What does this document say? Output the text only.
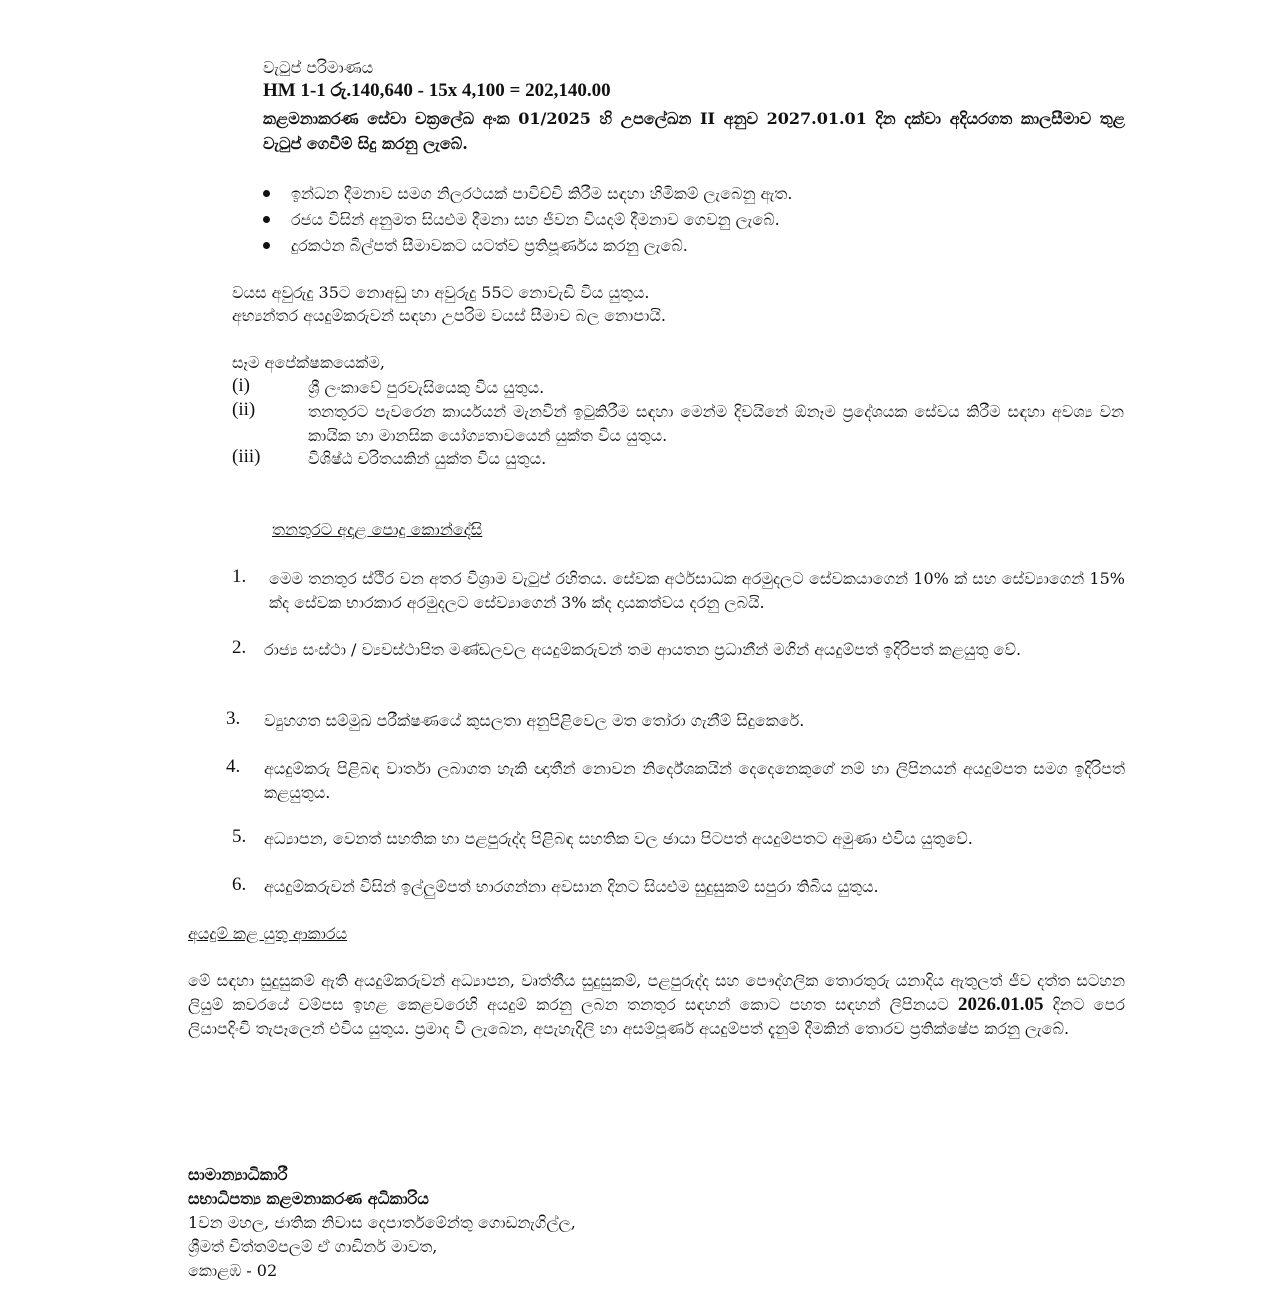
වැටුප් පරිමාණය
HM 1-1 රු.140,640 - 15x 4,100 = 202,140.00
කළමනාකරණ සේවා චක්‍රලේඛ අංක 01/2025 හි උපලේඛන II අනුව 2027.01.01 දින දක්වා අදියරගත කාලසීමාව තුළ වැටුප් ගෙවීම් සිදු කරනු ලැබේ.
ඉන්ධන දීමනාව සමග නිලරථයක් පාවිච්චි කිරීම සඳහා හිමිකම් ලැබෙනු ඇත.
රජය විසින් අනුමත සියළුම දීමනා සහ ජීවන වියදම් දීමනාව ගෙවනු ලැබේ.
දුරකථන බිල්පත් සීමාවකට යටත්ව ප්‍රතිපූර්ණය කරනු ලැබේ.
වයස අවුරුදු 35ට නොඅඩු හා අවුරුදු 55ට නොවැඩි විය යුතුය.
අභ්‍යන්තර අයදුම්කරුවන් සඳහා උපරිම වයස් සීමාව බල නොපායි.
සෑම අපේක්ෂකයෙක්ම,
(i)	ශ්‍රී ලංකාවේ පුරවැසියෙකු විය යුතුය.
(ii)	තනතුරට පැවරෙන කාර්යයන් මැනවින් ඉටුකිරීම සඳහා මෙන්ම දිවයිනේ ඕනෑම ප්‍රදේශයක සේවය කිරීම සඳහා අවශ්‍ය වන කායික හා මානසික යෝග්‍යතාවයෙන් යුක්ත විය යුතුය.
(iii)	විශිෂ්ඨ චරිතයකින් යුක්ත විය යුතුය.
තනතුරට අදාළ පොදු කොන්දේසි
1. මෙම තනතුර ස්ථිර වන අතර විශ්‍රාම වැටුප් රහිතය. සේවක අර්ථසාධක අරමුදලට සේවකයාගෙන් 10% ක් සහ සේව්‍යාගෙන් 15% ක්ද සේවක භාරකාර අරමුදලට සේව්‍යාගෙන් 3% ක්ද දායකත්වය දරනු ලබයි.
2. රාජ්‍ය සංස්ථා / ව්‍යවස්ථාපිත මණ්ඩලවල අයදුම්කරුවන් තම ආයතන ප්‍රධානීන් මගින් අයදුම්පත් ඉදිරිපත් කළයුතු වේ.
3. ව්‍යුහගත සම්මුඛ පරීක්ෂණයේ කුසලතා අනුපිළිවෙල මත තෝරා ගැනීම් සිදුකෙරේ.
4. අයදුම්කරු පිළිබඳ වාර්තා ලබාගත හැකි ඥාතීන් නොවන නිර්දේශකයින් දෙදෙනෙකුගේ නම් හා ලිපිනයන් අයදුම්පත සමග ඉදිරිපත් කළයුතුය.
5. අධ්‍යාපන, වෙනත් සහතික හා පළපුරුද්ද පිළිබඳ සහතික වල ඡායා පිටපත් අයදුම්පතට අමුණා එවිය යුතුවේ.
6. අයදුම්කරුවන් විසින් ඉල්ලුම්පත් භාරගන්නා අවසාන දිනට සියළුම සුදුසුකම් සපුරා තිබිය යුතුය.
අයදුම් කළ යුතු ආකාරය
මේ සඳහා සුදුසුකම් ඇති අයදුම්කරුවන් අධ්‍යාපන, වෘත්තීය සුදුසුකම්, පළපුරුද්ද සහ පෞද්ගලික තොරතුරු යනාදිය ඇතුලත් ජීව දත්ත සටහන ලියුම් කවරයේ වම්පස ඉහළ කෙළවරෙහි අයදුම් කරනු ලබන තනතුර සඳහන් කොට පහත සඳහන් ලිපිනයට 2026.01.05 දිනට පෙර ලියාපදිංචි තැපෑලෙන් එවිය යුතුය. ප්‍රමාද වී ලැබෙන, අපැහැදිලි හා අසම්පූර්ණ අයදුම්පත් දැනුම් දීමකින් තොරව ප්‍රතික්ෂේප කරනු ලැබේ.
සාමාන්‍යාධිකාරී
සභාධිපත්‍ය කළමනාකරණ අධිකාරිය
1වන මහල, ජාතික නිවාස දෙපාර්තමේන්තු ගොඩනැගිල්ල,
ශ්‍රීමත් චිත්තම්පලම් ඒ ගාඩිනර් මාවත,
කොළඹ - 02
